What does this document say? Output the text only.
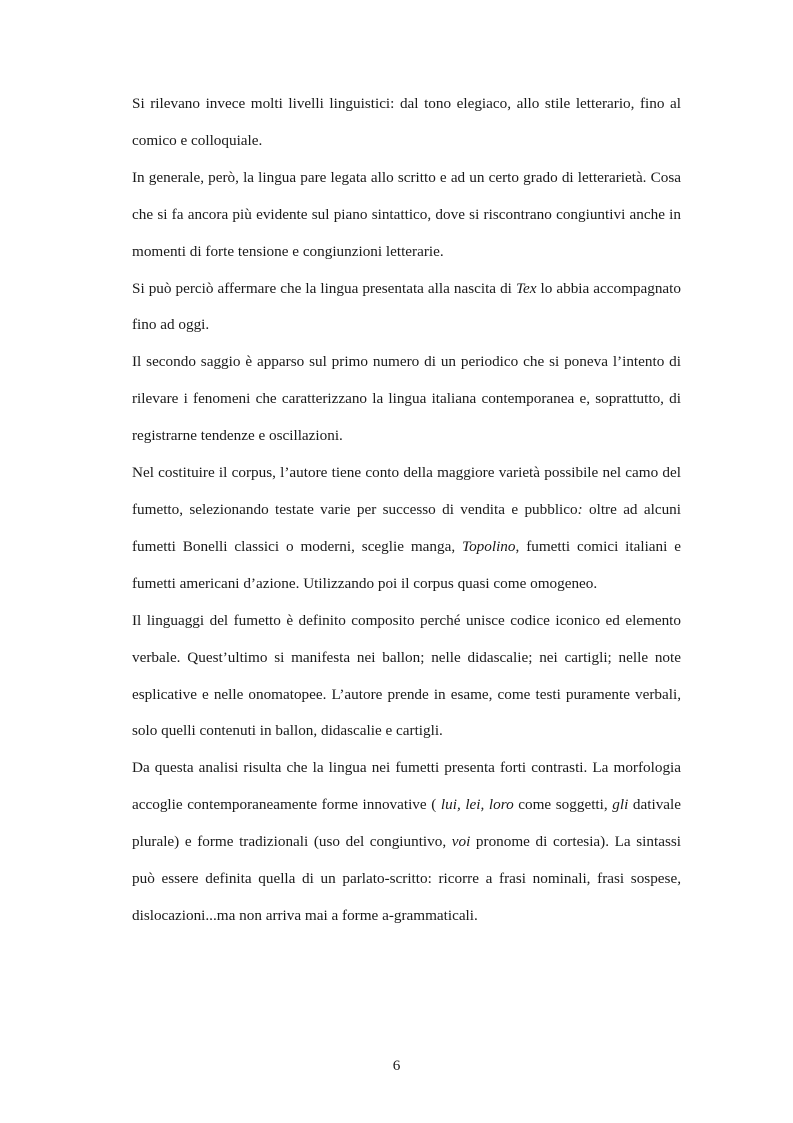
Si rilevano invece molti livelli linguistici: dal tono elegiaco, allo stile letterario, fino al comico e colloquiale.

In generale, però, la lingua pare legata allo scritto e ad un certo grado di letterarietà. Cosa che si fa ancora più evidente sul piano sintattico, dove si riscontrano congiuntivi anche in momenti di forte tensione e congiunzioni letterarie.

Si può perciò affermare che la lingua presentata alla nascita di Tex lo abbia accompagnato fino ad oggi.

Il secondo saggio è apparso sul primo numero di un periodico che si poneva l’intento di rilevare i fenomeni che caratterizzano la lingua italiana contemporanea e, soprattutto, di registrarne tendenze e oscillazioni.

Nel costituire il corpus, l’autore tiene conto della maggiore varietà possibile nel camo del fumetto, selezionando testate varie per successo di vendita e pubblico: oltre ad alcuni fumetti Bonelli classici o moderni, sceglie manga, Topolino, fumetti comici italiani e fumetti americani d’azione. Utilizzando poi il corpus quasi come omogeneo.

Il linguaggi del fumetto è definito composito perché unisce codice iconico ed elemento verbale. Quest’ultimo si manifesta nei ballon; nelle didascalie; nei cartigli; nelle note esplicative e nelle onomatopee. L’autore prende in esame, come testi puramente verbali, solo quelli contenuti in ballon, didascalie e cartigli.

Da questa analisi risulta che la lingua nei fumetti presenta forti contrasti. La morfologia accoglie contemporaneamente forme innovative ( lui, lei, loro come soggetti, gli dativale plurale) e forme tradizionali (uso del congiuntivo, voi pronome di cortesia). La sintassi può essere definita quella di un parlato-scritto: ricorre a frasi nominali, frasi sospese, dislocazioni...ma non arriva mai a forme a-grammaticali.

6
